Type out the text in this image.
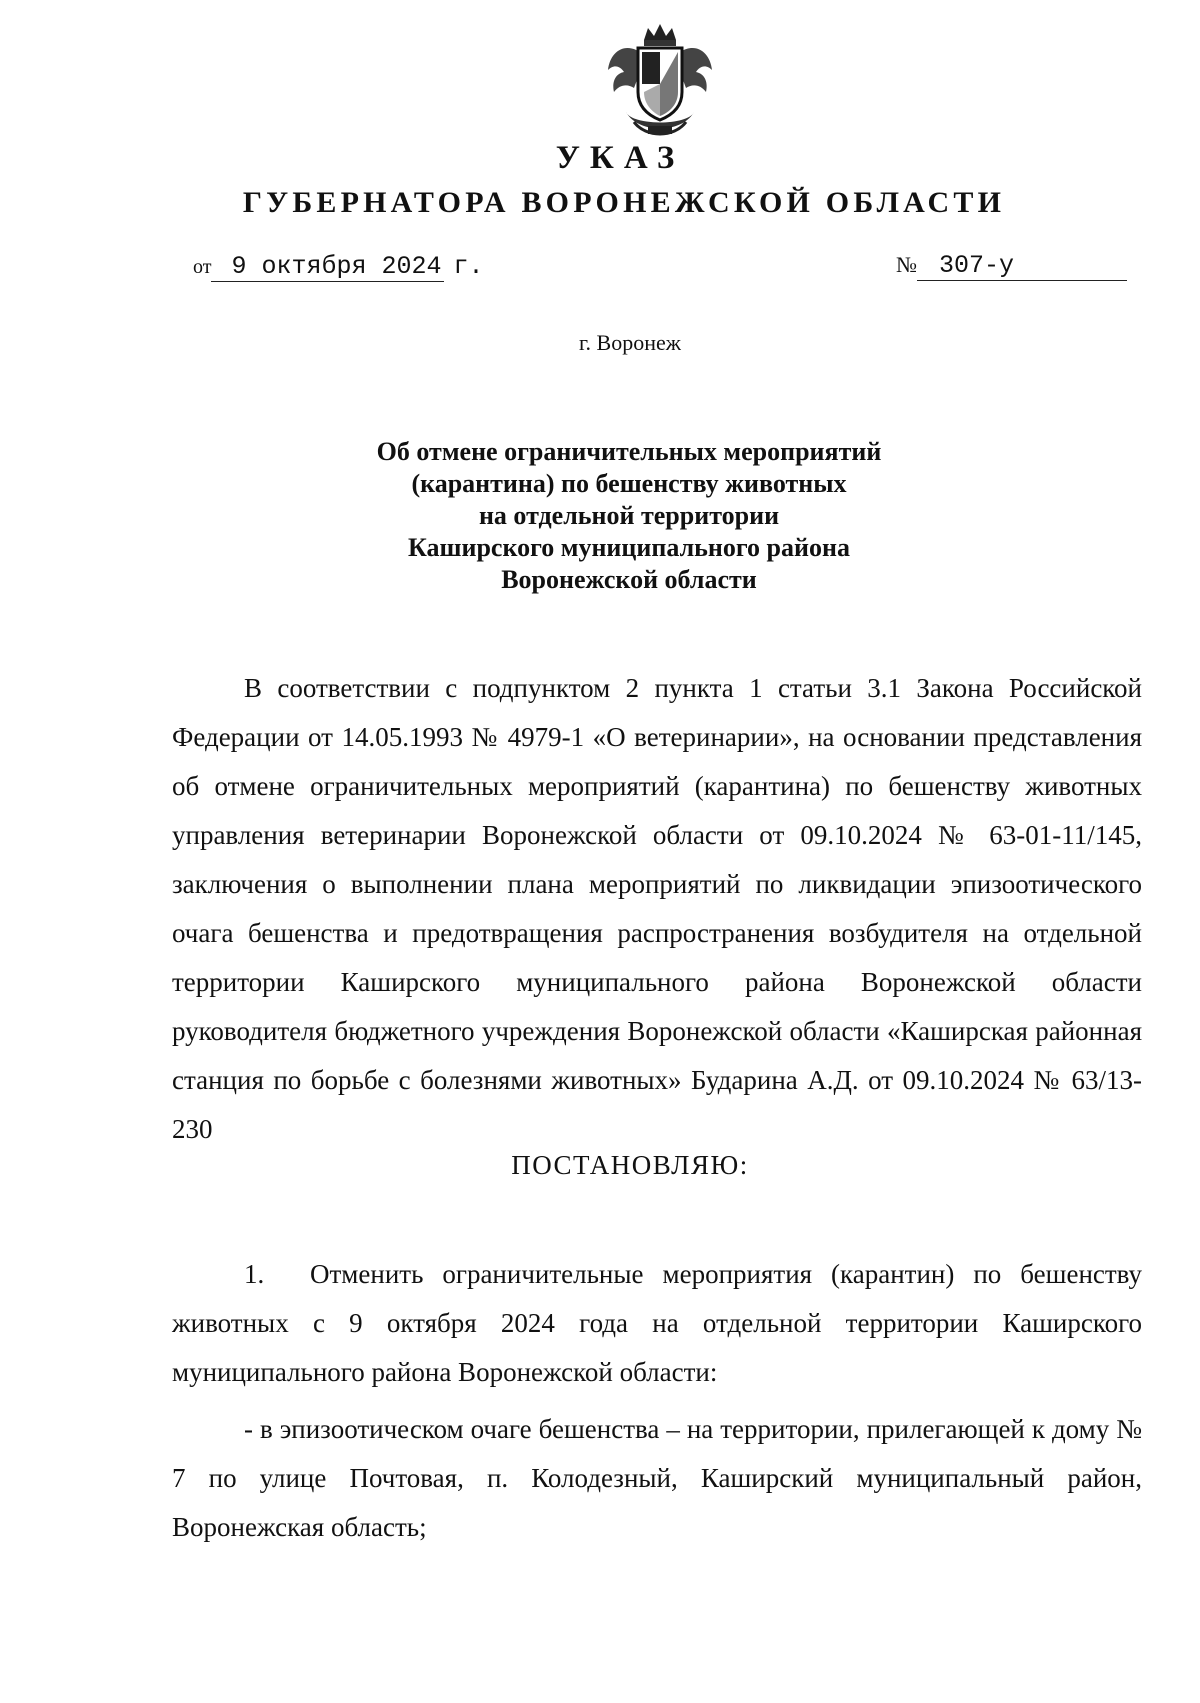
УКАЗ
ГУБЕРНАТОРА ВОРОНЕЖСКОЙ ОБЛАСТИ
от 9 октября 2024 г.	№ 307-у
г. Воронеж
Об отмене ограничительных мероприятий
(карантина) по бешенству животных
на отдельной территории
Каширского муниципального района
Воронежской области
В соответствии с подпунктом 2 пункта 1 статьи 3.1 Закона Российской Федерации от 14.05.1993 № 4979-1 «О ветеринарии», на основании представления об отмене ограничительных мероприятий (карантина) по бешенству животных управления ветеринарии Воронежской области от 09.10.2024 № 63-01-11/145, заключения о выполнении плана мероприятий по ликвидации эпизоотического очага бешенства и предотвращения распространения возбудителя на отдельной территории Каширского муниципального района Воронежской области руководителя бюджетного учреждения Воронежской области «Каширская районная станция по борьбе с болезнями животных» Бударина А.Д. от 09.10.2024 № 63/13-230
ПОСТАНОВЛЯЮ:
1. Отменить ограничительные мероприятия (карантин) по бешенству животных с 9 октября 2024 года на отдельной территории Каширского муниципального района Воронежской области:
- в эпизоотическом очаге бешенства – на территории, прилегающей к дому № 7 по улице Почтовая, п. Колодезный, Каширский муниципальный район, Воронежская область;
